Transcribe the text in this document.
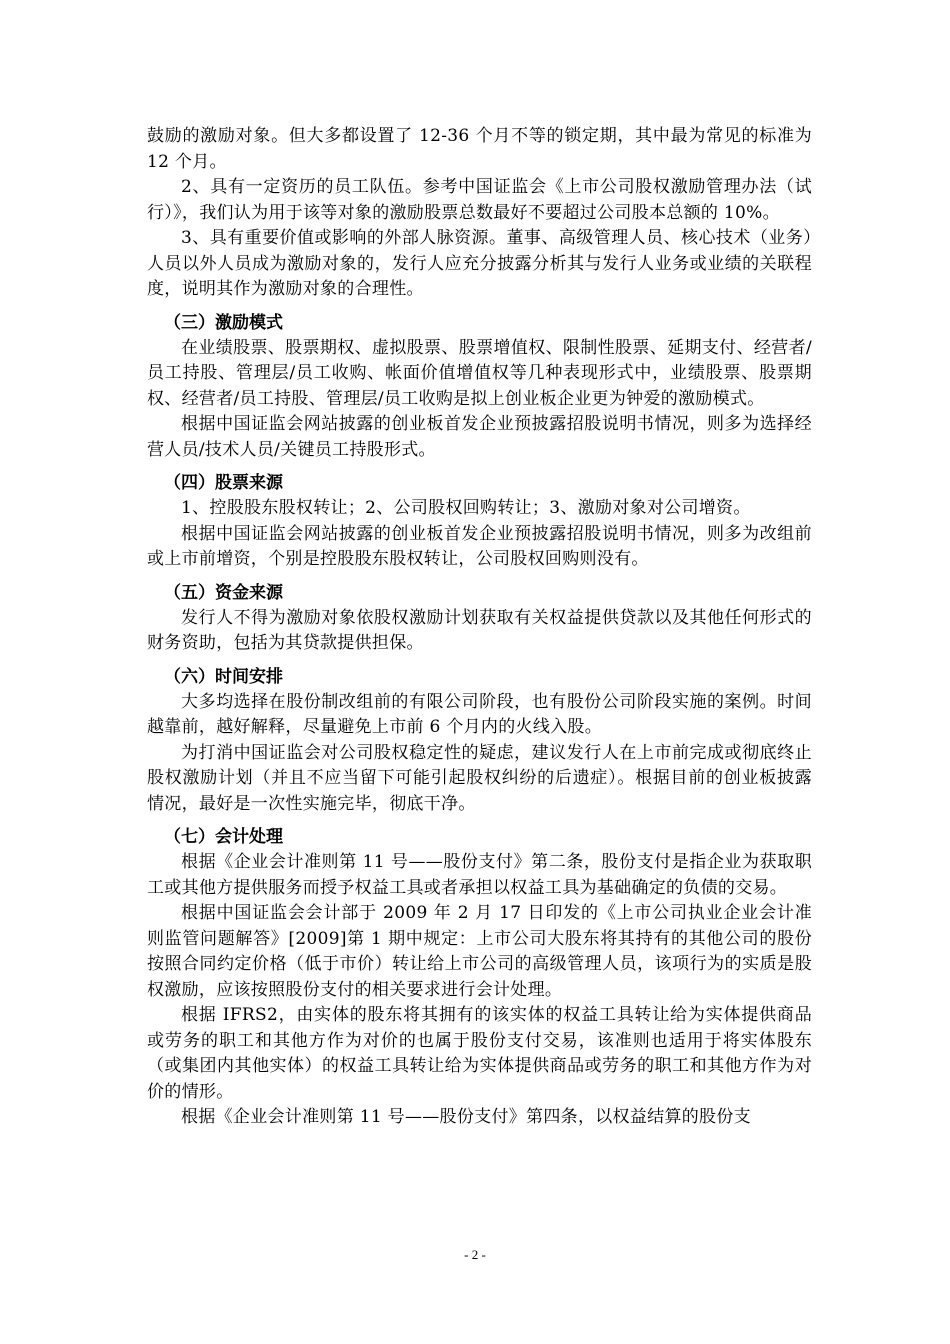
鼓励的激励对象。但大多都设置了 12-36 个月不等的锁定期，其中最为常见的标准为 12 个月。

2、具有一定资历的员工队伍。参考中国证监会《上市公司股权激励管理办法（试行）》，我们认为用于该等对象的激励股票总数最好不要超过公司股本总额的 10%。

3、具有重要价值或影响的外部人脉资源。董事、高级管理人员、核心技术（业务）人员以外人员成为激励对象的，发行人应充分披露分析其与发行人业务或业绩的关联程度，说明其作为激励对象的合理性。

（三）激励模式

在业绩股票、股票期权、虚拟股票、股票增值权、限制性股票、延期支付、经营者/员工持股、管理层/员工收购、帐面价值增值权等几种表现形式中，业绩股票、股票期权、经营者/员工持股、管理层/员工收购是拟上创业板企业更为钟爱的激励模式。

根据中国证监会网站披露的创业板首发企业预披露招股说明书情况，则多为选择经营人员/技术人员/关键员工持股形式。

（四）股票来源

1、控股股东股权转让；2、公司股权回购转让；3、激励对象对公司增资。

根据中国证监会网站披露的创业板首发企业预披露招股说明书情况，则多为改组前或上市前增资，个别是控股股东股权转让，公司股权回购则没有。

（五）资金来源

发行人不得为激励对象依股权激励计划获取有关权益提供贷款以及其他任何形式的财务资助，包括为其贷款提供担保。

（六）时间安排

大多均选择在股份制改组前的有限公司阶段，也有股份公司阶段实施的案例。时间越靠前，越好解释，尽量避免上市前 6 个月内的火线入股。

为打消中国证监会对公司股权稳定性的疑虑，建议发行人在上市前完成或彻底终止股权激励计划（并且不应当留下可能引起股权纠纷的后遗症）。根据目前的创业板披露情况，最好是一次性实施完毕，彻底干净。

（七）会计处理

根据《企业会计准则第 11 号——股份支付》第二条，股份支付是指企业为获取职工或其他方提供服务而授予权益工具或者承担以权益工具为基础确定的负债的交易。

根据中国证监会会计部于 2009 年 2 月 17 日印发的《上市公司执业企业会计准则监管问题解答》[2009]第 1 期中规定：上市公司大股东将其持有的其他公司的股份按照合同约定价格（低于市价）转让给上市公司的高级管理人员，该项行为的实质是股权激励，应该按照股份支付的相关要求进行会计处理。

根据 IFRS2，由实体的股东将其拥有的该实体的权益工具转让给为实体提供商品或劳务的职工和其他方作为对价的也属于股份支付交易，该准则也适用于将实体股东（或集团内其他实体）的权益工具转让给为实体提供商品或劳务的职工和其他方作为对价的情形。

根据《企业会计准则第 11 号——股份支付》第四条，以权益结算的股份支

- 2 -
